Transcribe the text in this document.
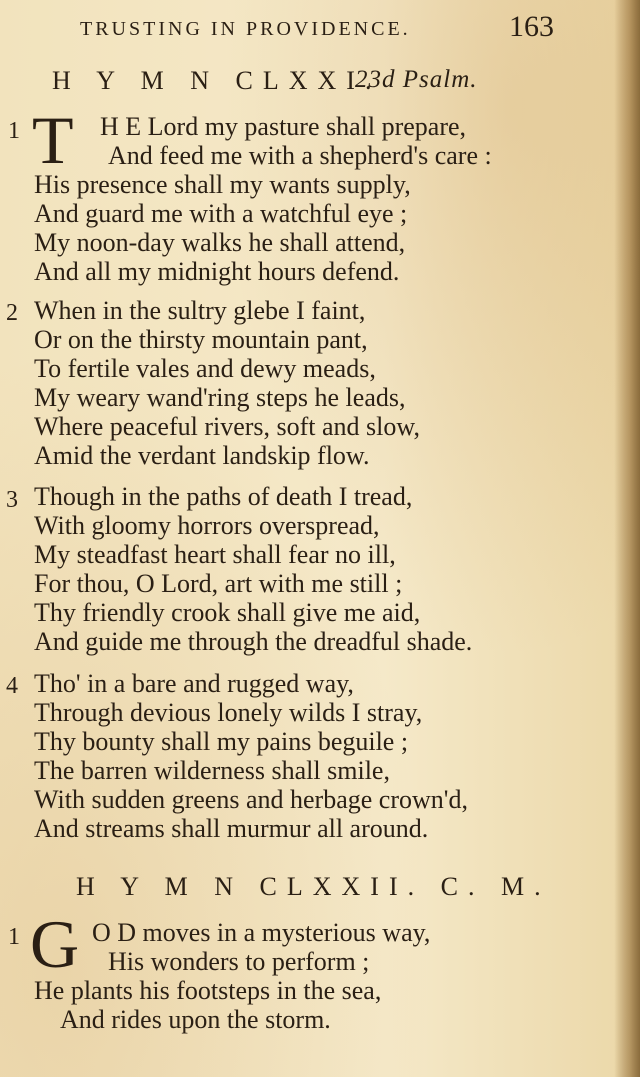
TRUSTING IN PROVIDENCE.	163
H Y M N CLXXI.
23d Psalm.
1 T H E Lord my pasture shall prepare,
And feed me with a shepherd's care :
His presence shall my wants supply,
And guard me with a watchful eye ;
My noon-day walks he shall attend,
And all my midnight hours defend.
2 When in the sultry glebe I faint,
Or on the thirsty mountain pant,
To fertile vales and dewy meads,
My weary wand'ring steps he leads,
Where peaceful rivers, soft and slow,
Amid the verdant landskip flow.
3 Though in the paths of death I tread,
With gloomy horrors overspread,
My steadfast heart shall fear no ill,
For thou, O Lord, art with me still ;
Thy friendly crook shall give me aid,
And guide me through the dreadful shade.
4 Tho' in a bare and rugged way,
Through devious lonely wilds I stray,
Thy bounty shall my pains beguile ;
The barren wilderness shall smile,
With sudden greens and herbage crown'd,
And streams shall murmur all around.
H Y M N CLXXII. C. M.
1 G O D moves in a mysterious way,
His wonders to perform ;
He plants his footsteps in the sea,
And rides upon the storm.
